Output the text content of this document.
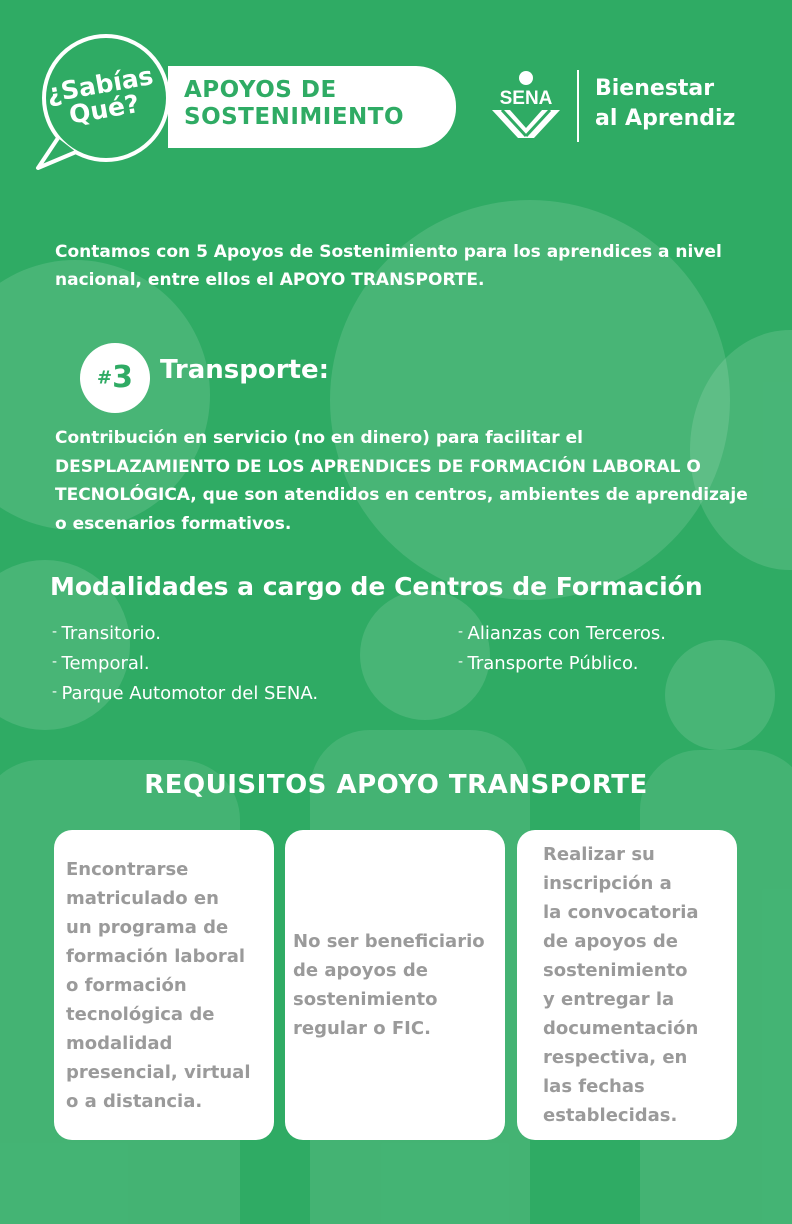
¿Sabías
Qué?	APOYOS DE
SOSTENIMIENTO
SENA Bienestar
al Aprendiz
Contamos con 5 Apoyos de Sostenimiento para los aprendices a nivel nacional, entre ellos el APOYO TRANSPORTE.
#3	Transporte:
Contribución en servicio (no en dinero) para facilitar el DESPLAZAMIENTO DE LOS APRENDICES DE FORMACIÓN LABORAL O TECNOLÓGICA, que son atendidos en centros, ambientes de aprendizaje o escenarios formativos.
Modalidades a cargo de Centros de Formación
- Transitorio.
- Temporal.
- Parque Automotor del SENA.
- Alianzas con Terceros.
- Transporte Público.
REQUISITOS APOYO TRANSPORTE

Encontrarse
matriculado en
un programa de
formación laboral
o formación
tecnológica de
modalidad
presencial, virtual
o a distancia.

No ser beneficiario
de apoyos de
sostenimiento
regular o FIC.

Realizar su
inscripción a
la convocatoria
de apoyos de
sostenimiento
y entregar la
documentación
respectiva, en
las fechas
establecidas.
